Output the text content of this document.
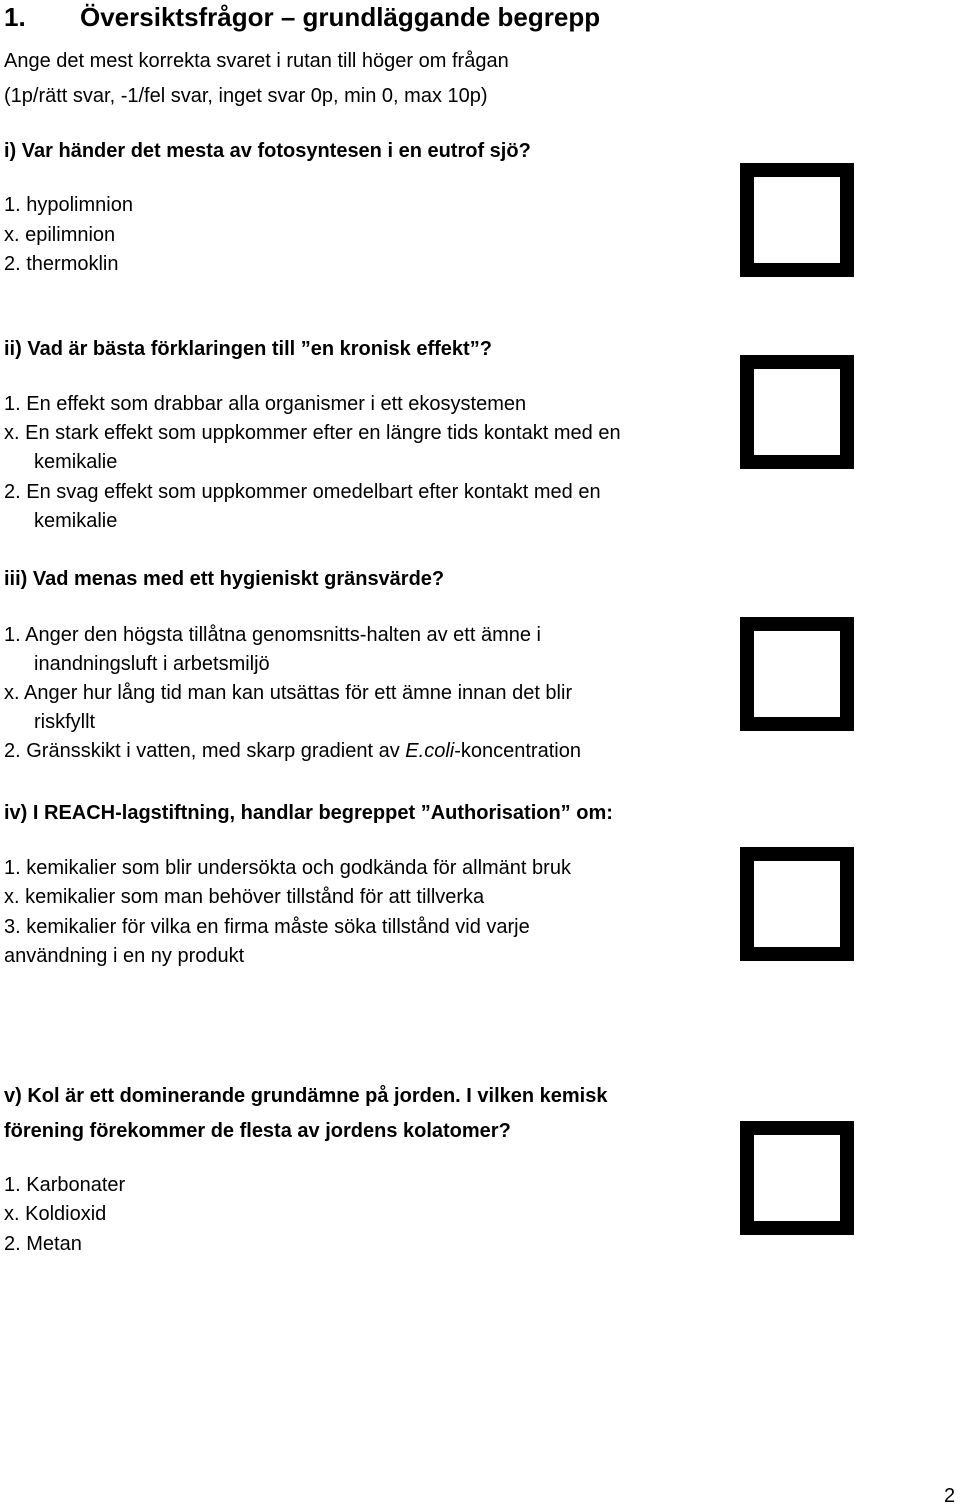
1. Översiktsfrågor – grundläggande begrepp
Ange det mest korrekta svaret i rutan till höger om frågan
(1p/rätt svar, -1/fel svar, inget svar 0p, min 0, max 10p)
i) Var händer det mesta av fotosyntesen i en eutrof sjö?
1. hypolimnion
x. epilimnion
2. thermoklin
ii) Vad är bästa förklaringen till ”en kronisk effekt”?
1. En effekt som drabbar alla organismer i ett ekosystemen
x. En stark effekt som uppkommer efter en längre tids kontakt med en
kemikalie
2. En svag effekt som uppkommer omedelbart efter kontakt med en
kemikalie
iii) Vad menas med ett hygieniskt gränsvärde?
1. Anger den högsta tillåtna genomsnitts-halten av ett ämne i
inandningsluft i arbetsmiljö
x. Anger hur lång tid man kan utsättas för ett ämne innan det blir
riskfyllt
2. Gränsskikt i vatten, med skarp gradient av E.coli-koncentration
iv) I REACH-lagstiftning, handlar begreppet ”Authorisation” om:
1. kemikalier som blir undersökta och godkända för allmänt bruk
x. kemikalier som man behöver tillstånd för att tillverka
3. kemikalier för vilka en firma måste söka tillstånd vid varje
användning i en ny produkt
v) Kol är ett dominerande grundämne på jorden. I vilken kemisk
förening förekommer de flesta av jordens kolatomer?
1. Karbonater
x. Koldioxid
2. Metan
2
